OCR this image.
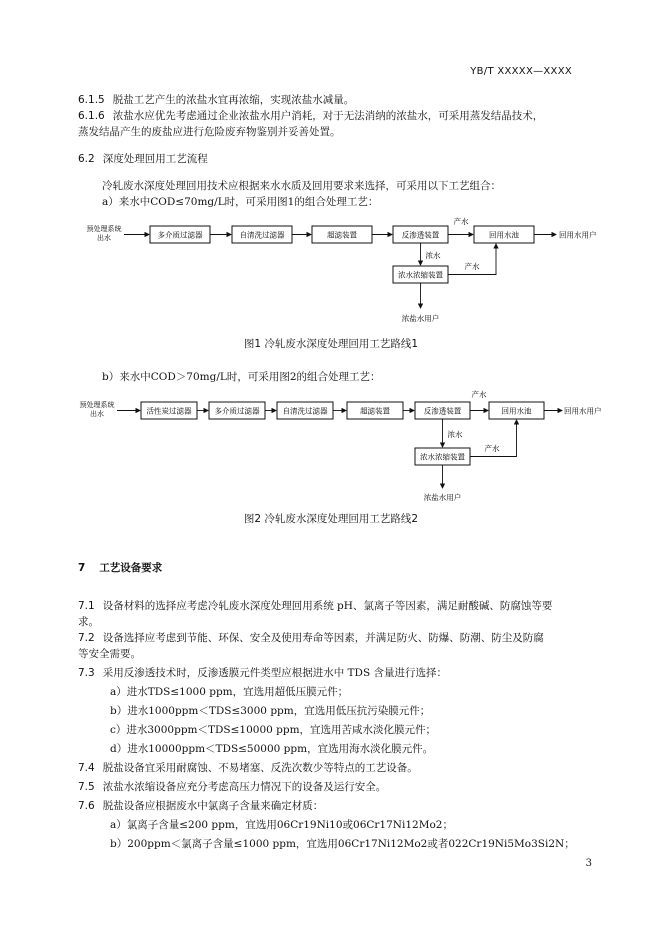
YB/T XXXXX—XXXX
6.1.5 脱盐工艺产生的浓盐水宜再浓缩，实现浓盐水减量。
6.1.6 浓盐水应优先考虑通过企业浓盐水用户消耗，对于无法消纳的浓盐水，可采用蒸发结晶技术，
蒸发结晶产生的废盐应进行危险废弃物鉴别并妥善处置。
6.2 深度处理回用工艺流程
冷轧废水深度处理回用技术应根据来水水质及回用要求来选择，可采用以下工艺组合：
a）来水中COD≤70mg/L时，可采用图1的组合处理工艺：
预处理系统
出水	多介质过滤器	自清洗过滤器	超滤装置	反渗透装置	回用水池
浓水浓缩装置
产水
浓水
产水
回用水用户
浓盐水用户
图1 冷轧废水深度处理回用工艺路线1
b）来水中COD＞70mg/L时，可采用图2的组合处理工艺：
预处理系统
出水	活性炭过滤器	多介质过滤器	自清洗过滤器	超滤装置	反渗透装置	回用水池
浓水浓缩装置
产水
浓水
产水
回用水用户
浓盐水用户
图2 冷轧废水深度处理回用工艺路线2
7 工艺设备要求
7.1 设备材料的选择应考虑冷轧废水深度处理回用系统 pH、氯离子等因素，满足耐酸碱、防腐蚀等要
求。
7.2 设备选择应考虑到节能、环保、安全及使用寿命等因素，并满足防火、防爆、防潮、防尘及防腐
等安全需要。
7.3 采用反渗透技术时，反渗透膜元件类型应根据进水中 TDS 含量进行选择：
a）进水TDS≤1000 ppm，宜选用超低压膜元件；
b）进水1000ppm＜TDS≤3000 ppm，宜选用低压抗污染膜元件；
c）进水3000ppm＜TDS≤10000 ppm，宜选用苦咸水淡化膜元件；
d）进水10000ppm＜TDS≤50000 ppm，宜选用海水淡化膜元件。
7.4 脱盐设备宜采用耐腐蚀、不易堵塞、反洗次数少等特点的工艺设备。
7.5 浓盐水浓缩设备应充分考虑高压力情况下的设备及运行安全。
7.6 脱盐设备应根据废水中氯离子含量来确定材质：
a）氯离子含量≤200 ppm，宜选用06Cr19Ni10或06Cr17Ni12Mo2；
b）200ppm＜氯离子含量≤1000 ppm，宜选用06Cr17Ni12Mo2或者022Cr19Ni5Mo3Si2N；
3
